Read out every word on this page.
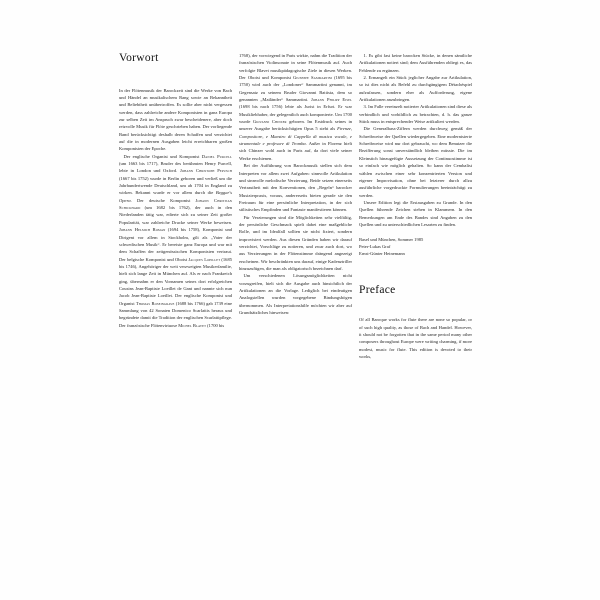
Vorwort

In der Flötenmusik der Barockzeit sind die Werke von Bach und Händel an musikalischem Rang sowie an Bekanntheit und Beliebtheit unübertroffen. Es sollte aber nicht vergessen werden, dass zahlreiche andere Komponisten in ganz Europa zur selben Zeit im Anspruch zwar bescheidenere, aber doch reizvolle Musik für Flöte geschrieben haben. Der vorliegende Band berücksichtigt deshalb deren Schaffen und verzichtet auf die in modernen Ausgaben leicht erreichbaren großen Komponisten der Epoche.

Der englische Organist und Komponist Daniel Purcell (um 1663 bis 1717), Bruder des berühmten Henry Purcell, lebte in London und Oxford. Johann Christoph Pepusch (1667 bis 1752) wurde in Berlin geboren und verließ um die Jahrhundertwende Deutschland, um ab 1704 in England zu wirken. Bekannt wurde er vor allem durch die Beggar's Opera. Der deutsche Komponist Johann Christian Schickhard (um 1682 bis 1762), der auch in den Niederlanden tätig war, edierte sich zu seiner Zeit großer Popularität, war zahlreiche Drucke seiner Werke beweisen. Johann Helmich Roman (1694 bis 1758), Komponist und Dirigent vor allem in Stockholm, gilt als „Vater der schwedischen Musik“. Er bereiste ganz Europa und war mit dem Schaffen der zeitgenössischen Komponisten vertraut. Der belgische Komponist und Oboist Jacques Loeillet (1685 bis 1746), Angehöriger der weit verzweigten Musikerfamilie, hielt sich lange Zeit in München auf. Als er nach Frankreich ging, übernahm er den Vornamen seines dort erfolgreichen Cousins Jean-Baptiste Loeillet de Gant und nannte sich nun Jacob Jean-Baptiste Loeillet. Der englische Komponist und Organist Thomas Roseingrave (1688 bis 1766) gab 1739 eine Sammlung von 42 Sonaten Domenico Scarlattis heraus und begründete damit die Tradition der englischen Scarlattipflege. Der französische Flötenvirtuose Michel Blavet (1700 bis

1768), der vorwiegend in Paris wirkte, nahm die Tradition der französischen Violinsonate in seine Flötenmusik auf. Auch verfolgte Blavet musikpädagogische Ziele in diesen Werken. Der Oboist und Komponist Giuseppe Sammartini (1695 bis 1750) wird auch der „Londoner“ Sammartini genannt, im Gegensatz zu seinem Bruder Giovanni Battista, dem so genannten „Mailänder“ Sammartini. Johann Philipp Eisel (1698 bis nach 1756) lebte als Jurist in Erfurt. Er war Musikliebhaber, der gelegentlich auch komponierte. Um 1700 wurde Giovanni Chinzer geboren. Im Erstdruck seines in unserer Ausgabe berücksichtigten Opus 5 steht als Firenze, Compositore, e Maestro di Cappella di musica vocale, e strumentale e profesore di Tromba. Außer in Florenz hielt sich Chinzer wohl auch in Paris auf, da dort viele seiner Werke erschienen.

Bei der Aufführung von Barockmusik stellen sich dem Interpreten vor allem zwei Aufgaben: sinnvolle Artikulation und sinnvolle melodische Verzierung. Beide setzen einerseits Vertrautheit mit den Konventionen, den „Regeln“ barocker Musizierpraxis, voraus, andererseits bieten gerade sie den Freiraum für eine persönliche Interpretation, in der sich stilistisches Empfinden und Fantasie manifestieren können.

Für Verzierungen sind die Möglichkeiten sehr vielfältig, der persönliche Geschmack spielt dabei eine maßgebliche Rolle, und im Idealfall sollten sie nicht fixiert, sondern improvisiert werden. Aus diesen Gründen haben wir darauf verzichtet, Vorschläge zu notieren, und zwar auch dort, wo aus Verzierungen in der Flötenstimme drängend angezeigt erscheinen. Wir beschränkten uns darauf, einige Kadenztriller hinzuzufügen, die man als obligatorisch bezeichnen darf.

Um verschiedenen Lösungsmöglichkeiten nicht vorzugreifen, hielt sich die Ausgabe auch hinsichtlich der Artikulationen an die Vorlage. Lediglich bei eindeutigen Analogstellen wurden vorgegebene Bindungsbögen übernommen. Als Interpretationshilfe möchten wir aber auf Grundsätzliches hinweisen:

1. Es gibt fast keine barocken Stücke, in denen sämtliche Artikulationen notiert sind; dem Ausführenden obliegt es, das Fehlende zu ergänzen.

2. Ermangelt ein Stück jeglicher Angabe zur Artikulation, so ist dies nicht als Befehl zu durchgängigem Détachéspiel aufzufassen, sondern eher als Aufforderung, eigene Artikulationen anzubringen.

3. Im Falle vereinzelt notierter Artikulationen sind diese als verbindlich und vorbildlich zu betrachten, d. h. das ganze Stück muss in entsprechender Weise artikuliert werden.

Die Generalbass-Ziffern werden durchweg gemäß der Schreibweise der Quellen wiedergegeben. Eine modernisierte Schreibweise wird nur dort gebraucht, wo dem Benutzer die Bezifferung sonst unverständlich bleiben müsste. Die im Kleinstich hinzugefügte Aussetzung der Continuostimme ist so einfach wie möglich gehalten. So kann der Cembalist wählen zwischen einer sehr konzentrierten Version und eigener Improvisation, ohne bei letzterer durch allzu ausführliche vorgedruckte Formulierungen beeinträchtigt zu werden.

Unsere Edition legt die Erstausgaben zu Grunde. In den Quellen führende Zeichen stehen in Klammern. In den Bemerkungen am Ende des Bandes sind Angaben zu den Quellen und zu unterschiedlichen Lesarten zu finden.

Basel und München, Sommer 1985

Peter-Lukas Graf

Ernst-Günter Heinemann

Preface

Of all Baroque works for flute there are none so popular, or of such high quality, as those of Bach and Handel. However, it should not be forgotten that in the same period many other composers throughout Europe were writing charming, if more modest, music for flute. This edition is devoted to their works,
